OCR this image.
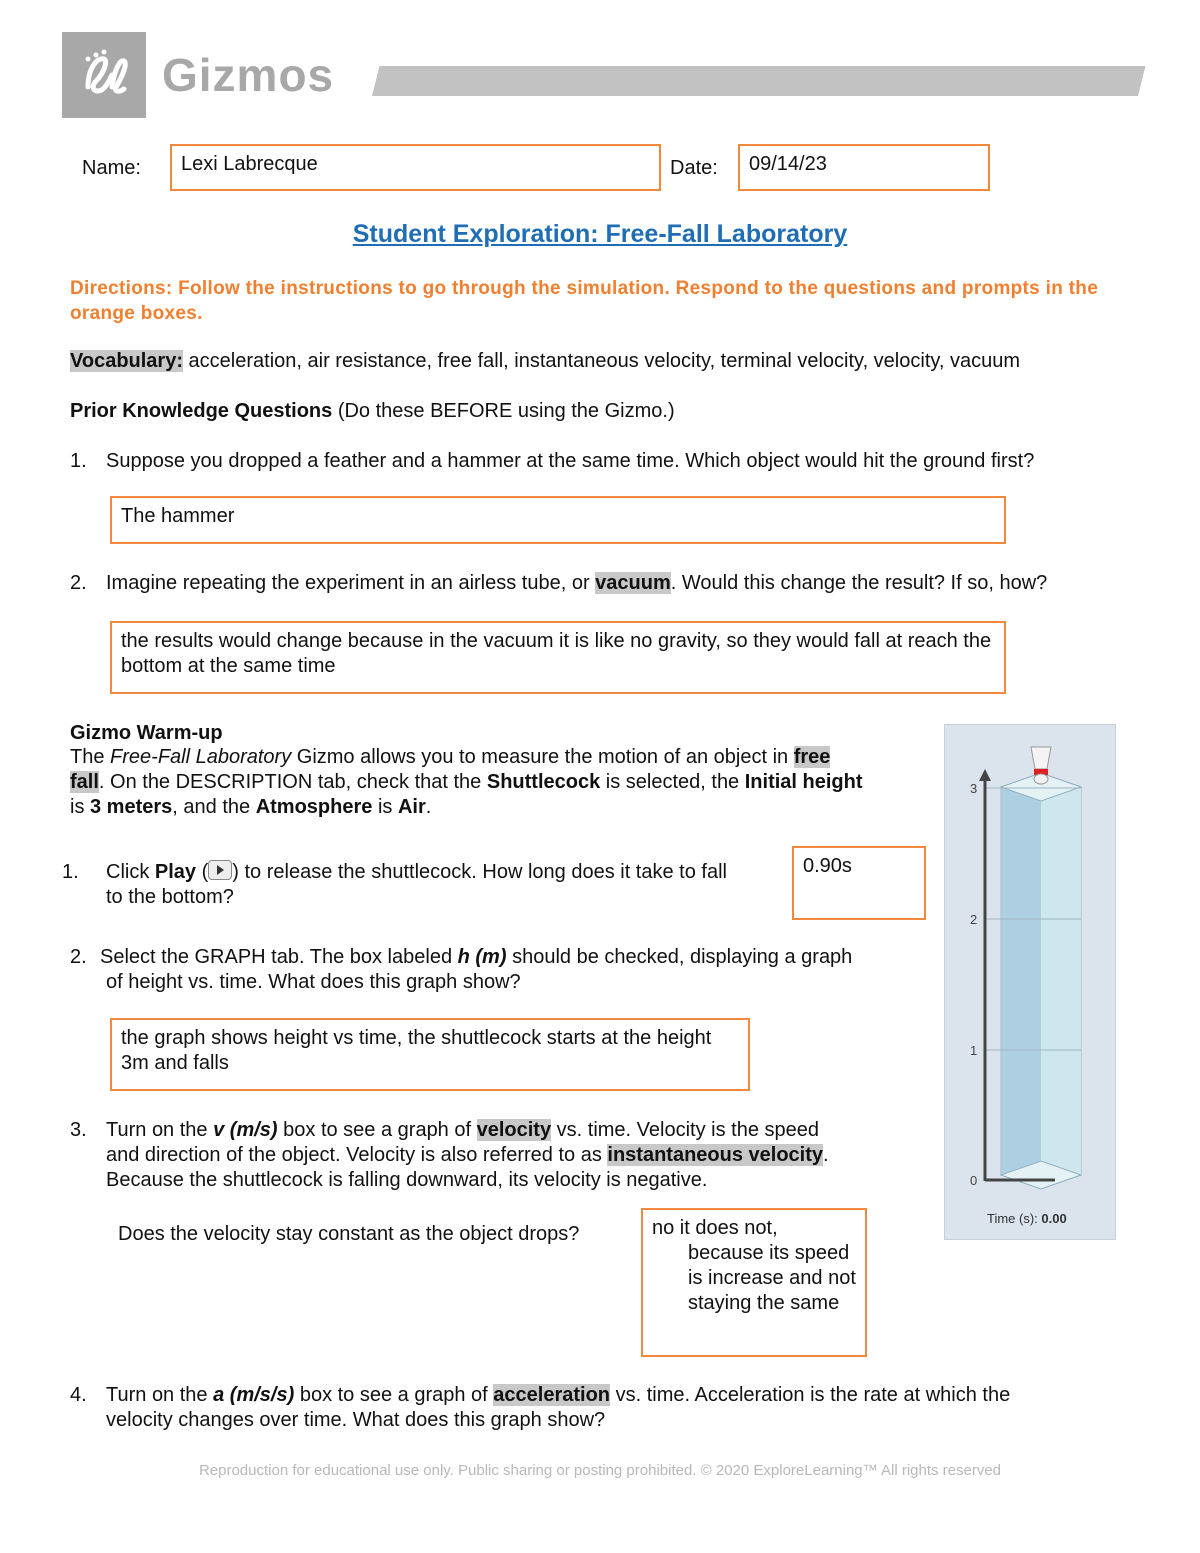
Gizmos
Name:	Lexi Labrecque	Date:	09/14/23
Student Exploration: Free-Fall Laboratory
Directions: Follow the instructions to go through the simulation. Respond to the questions and prompts in the orange boxes.
Vocabulary: acceleration, air resistance, free fall, instantaneous velocity, terminal velocity, velocity, vacuum
Prior Knowledge Questions (Do these BEFORE using the Gizmo.)
1. Suppose you dropped a feather and a hammer at the same time. Which object would hit the ground first?
The hammer
2. Imagine repeating the experiment in an airless tube, or vacuum. Would this change the result? If so, how?
the results would change because in the vacuum it is like no gravity, so they would fall at reach the bottom at the same time
Gizmo Warm-up
The Free-Fall Laboratory Gizmo allows you to measure the motion of an object in free
fall. On the DESCRIPTION tab, check that the Shuttlecock is selected, the Initial height
is 3 meters, and the Atmosphere is Air.
1. Click Play ( ) to release the shuttlecock. How long does it take to fall
to the bottom?
0.90s
2. Select the GRAPH tab. The box labeled h (m) should be checked, displaying a graph
of height vs. time. What does this graph show?
the graph shows height vs time, the shuttlecock starts at the height 3m and falls
3. Turn on the v (m/s) box to see a graph of velocity vs. time. Velocity is the speed
and direction of the object. Velocity is also referred to as instantaneous velocity.
Because the shuttlecock is falling downward, its velocity is negative.
Does the velocity stay constant as the object drops?	no it does not,
because its speed is increase and not staying the same
4. Turn on the a (m/s/s) box to see a graph of acceleration vs. time. Acceleration is the rate at which the
velocity changes over time. What does this graph show?
3
2
1
0
Time (s): 0.00
Reproduction for educational use only. Public sharing or posting prohibited. © 2020 ExploreLearning™ All rights reserved
